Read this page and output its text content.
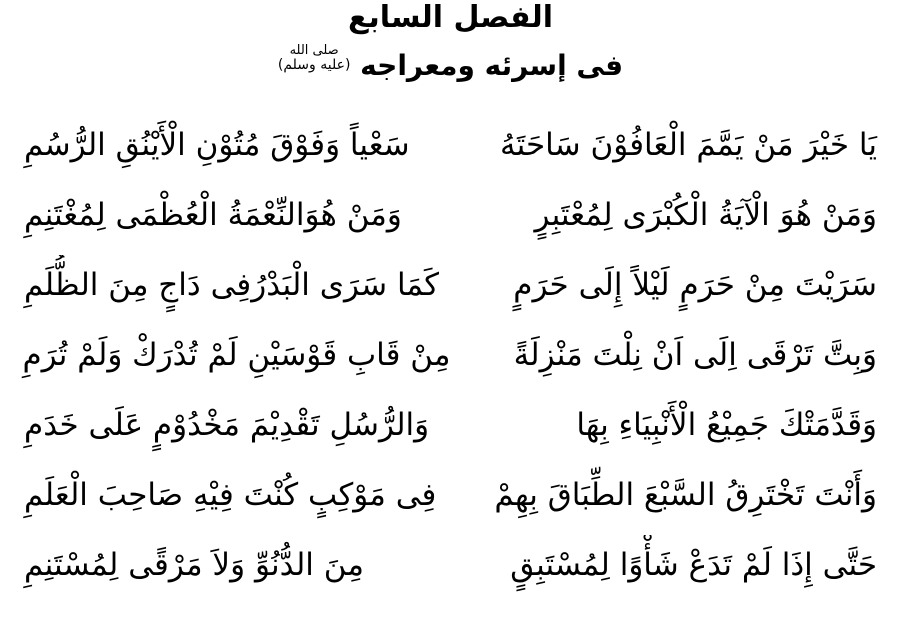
الفصل السابع
فی إسرئه ومعراجه
صلى الله
(عليه وسلم)
يَا خَيْرَ مَنْ يَمَّمَ الْعَافُوْنَ سَاحَتَهُ
سَعْياً وَفَوْقَ مُتُوْنِ الْأَيْنُقِ الرُّسُمِ
وَمَنْ هُوَ الْآيَةُ الْكُبْرَى لِمُعْتَبِرٍ
وَمَنْ هُوَالنِّعْمَةُ الْعُظْمَى لِمُغْتَنِمِ
سَرَيْتَ مِنْ حَرَمٍ لَيْلاً إِلَى حَرَمٍ
كَمَا سَرَى الْبَدْرُفِی دَاجٍ مِنَ الظُّلَمِ
وَبِتَّ تَرْقَى اِلَى اَنْ نِلْتَ مَنْزِلَةً
مِنْ قَابِ قَوْسَيْنِ لَمْ تُدْرَكْ وَلَمْ تُرَمِ
وَقَدَّمَتْكَ جَمِيْعُ الْأَنْبِيَاءِ بِهَا
وَالرُّسُلِ تَقْدِيْمَ مَخْدُوْمٍ عَلَى خَدَمِ
وَأَنْتَ تَخْتَرِقُ السَّبْعَ الطِّبَاقَ بِهِمْ
فِی مَوْكِبٍ كُنْتَ فِيْهِ صَاحِبَ الْعَلَمِ
حَتَّى إِذَا لَمْ تَدَعْ شَأْوًا لِمُسْتَبِقٍ
مِنَ الدُّنُوِّ وَلاَ مَرْقًى لِمُسْتَنِمِ
